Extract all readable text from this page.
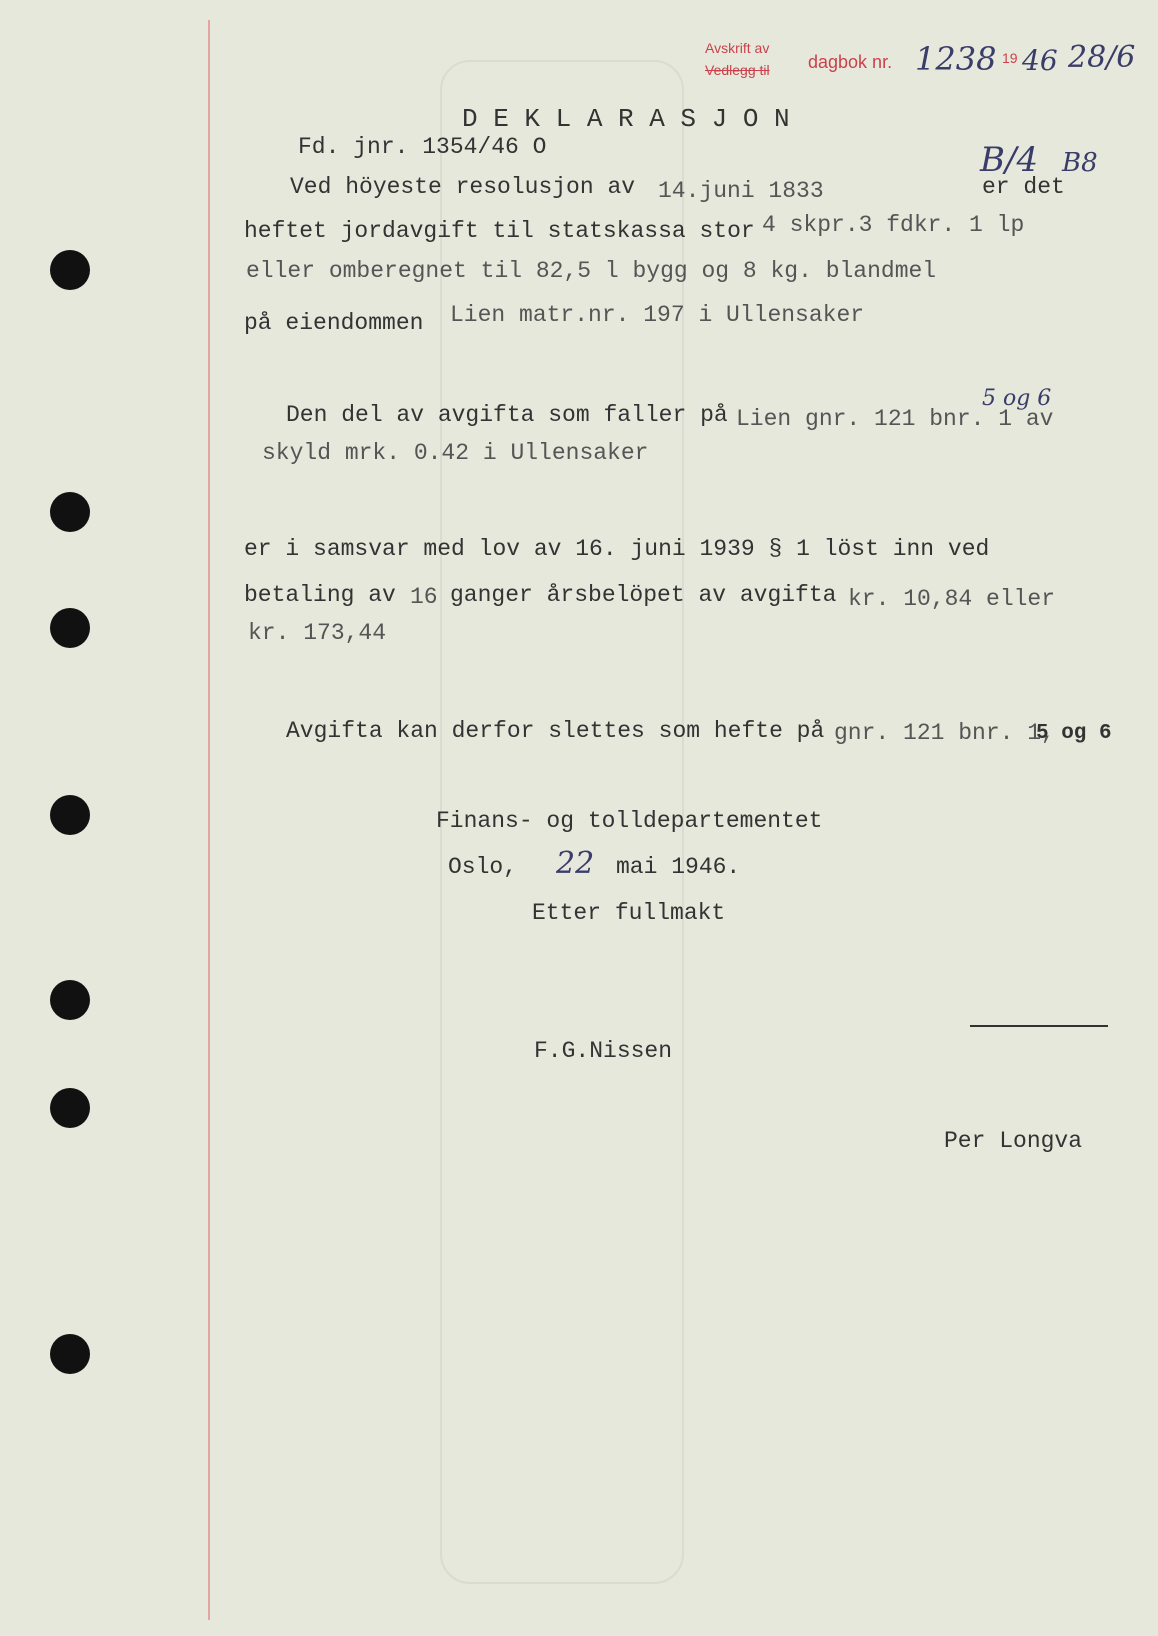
Avskrift av
Vedlegg til dagbok nr. 1238 19 46 28/6
B/4 B8
D E K L A R A S J O N
Fd. jnr. 1354/46 O
Ved höyeste resolusjon av 14.juni 1833	er det
heftet jordavgift til statskassa stor 4 skpr.3 fdkr. 1 lp
eller omberegnet til 82,5 l bygg og 8 kg. blandmel
på eiendommen Lien matr.nr. 197 i Ullensaker
Den del av avgifta som faller på Lien gnr. 121 bnr. 1 av
5 og 6
skyld mrk. 0.42 i Ullensaker
er i samsvar med lov av 16. juni 1939 § 1 löst inn ved
betaling av 16 ganger årsbelöpet av avgifta kr. 10,84 eller
kr. 173,44
Avgifta kan derfor slettes som hefte på gnr. 121 bnr. 1,
5 og 6
Finans- og tolldepartementet
Oslo, 22 mai 1946.
Etter fullmakt
F.G.Nissen
Per Longva
